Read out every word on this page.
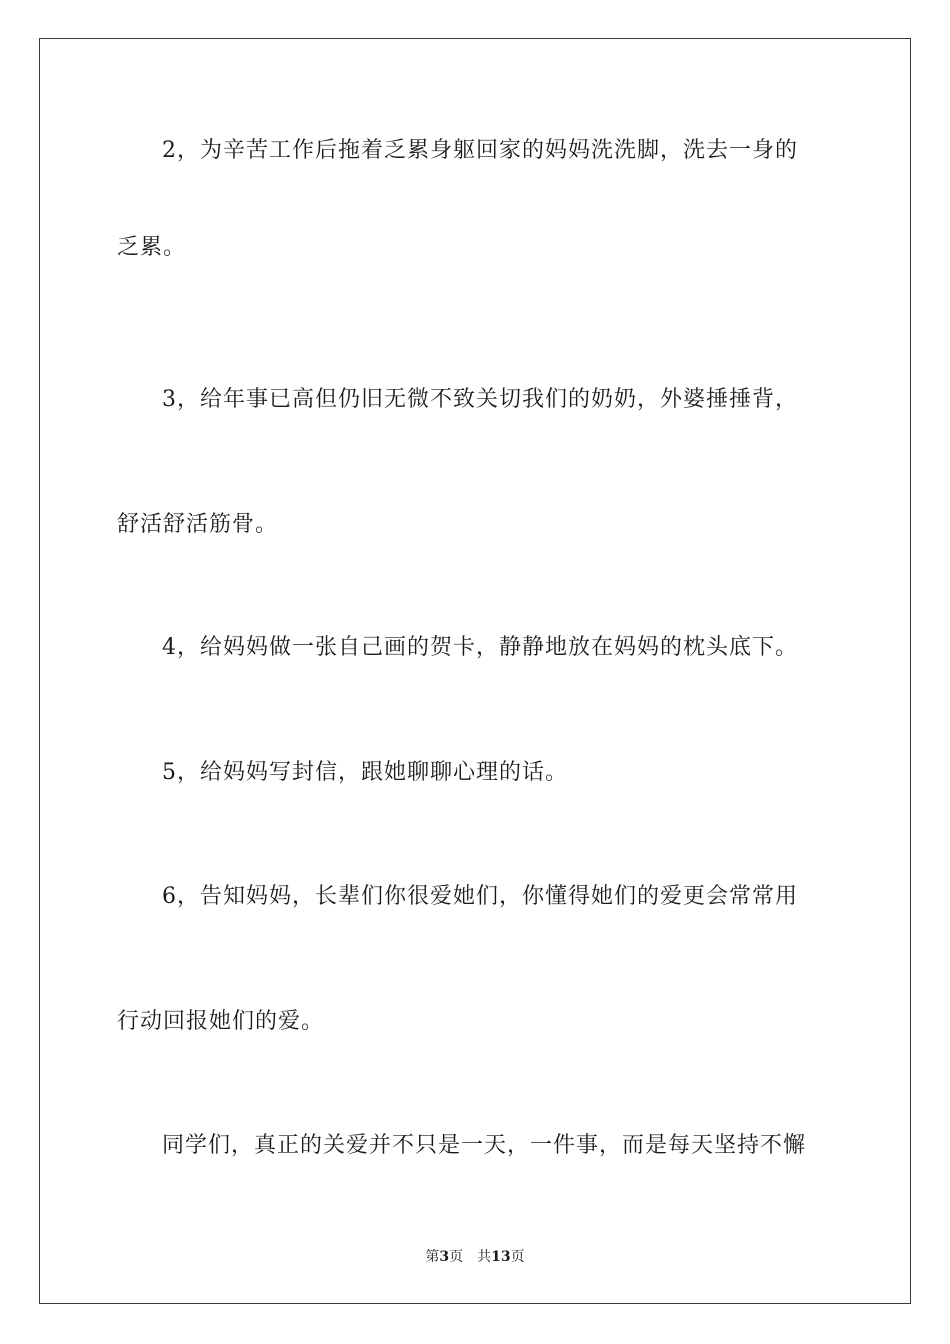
2，为辛苦工作后拖着乏累身躯回家的妈妈洗洗脚，洗去一身的
乏累。
3，给年事已高但仍旧无微不致关切我们的奶奶，外婆捶捶背，
舒活舒活筋骨。
4，给妈妈做一张自己画的贺卡，静静地放在妈妈的枕头底下。
5，给妈妈写封信，跟她聊聊心理的话。
6，告知妈妈，长辈们你很爱她们，你懂得她们的爱更会常常用
行动回报她们的爱。
同学们，真正的关爱并不只是一天，一件事，而是每天坚持不懈
第3页 共13页
